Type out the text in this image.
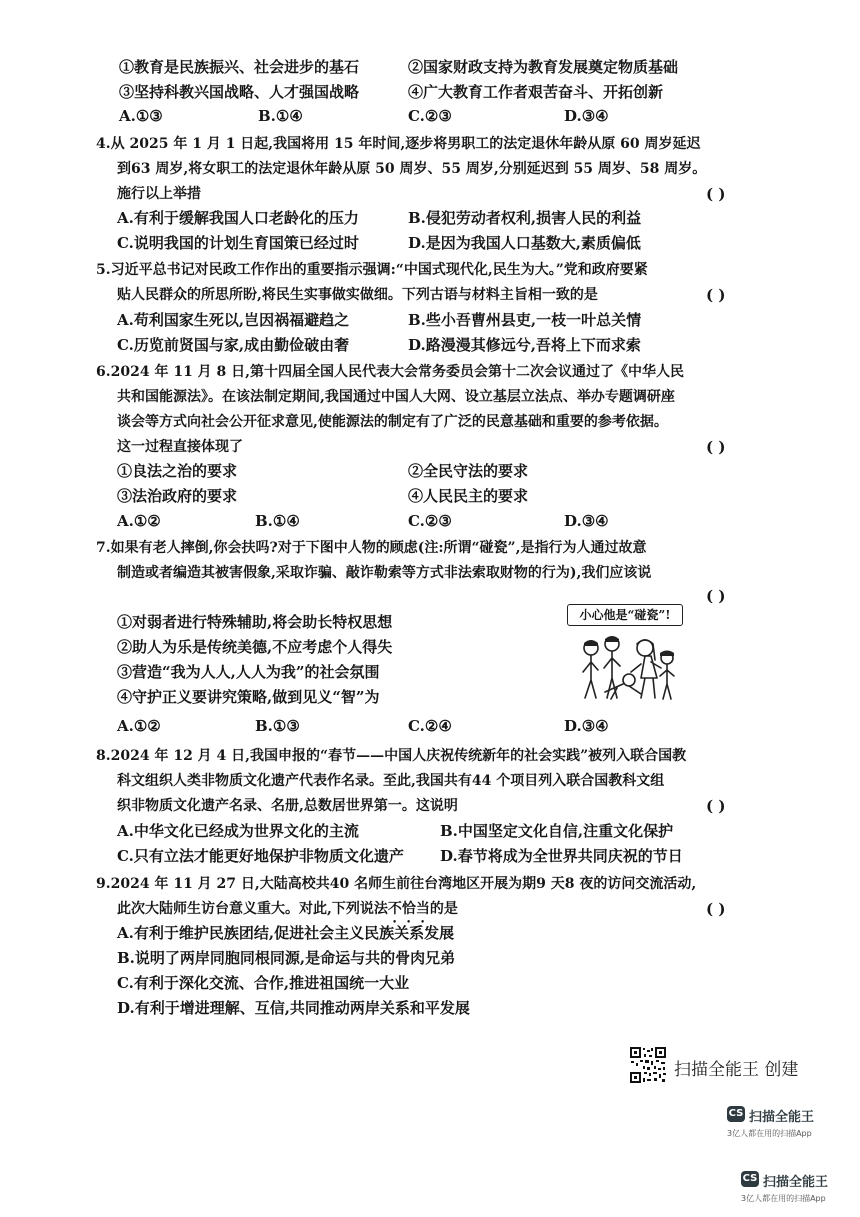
①教育是民族振兴、社会进步的基石	②国家财政支持为教育发展奠定物质基础
③坚持科教兴国战略、人才强国战略	④广大教育工作者艰苦奋斗、开拓创新
A.①③	B.①④	C.②③	D.③④
4.从 2025 年 1 月 1 日起,我国将用 15 年时间,逐步将男职工的法定退休年龄从原 60 周岁延迟
到63 周岁,将女职工的法定退休年龄从原 50 周岁、55 周岁,分别延迟到 55 周岁、58 周岁。
施行以上举措	( )
A.有利于缓解我国人口老龄化的压力	B.侵犯劳动者权利,损害人民的利益
C.说明我国的计划生育国策已经过时	D.是因为我国人口基数大,素质偏低
5.习近平总书记对民政工作作出的重要指示强调:“中国式现代化,民生为大。”党和政府要紧
贴人民群众的所思所盼,将民生实事做实做细。下列古语与材料主旨相一致的是	( )
A.苟利国家生死以,岂因祸福避趋之	B.些小吾曹州县吏,一枝一叶总关情
C.历览前贤国与家,成由勤俭破由奢	D.路漫漫其修远兮,吾将上下而求索
6.2024 年 11 月 8 日,第十四届全国人民代表大会常务委员会第十二次会议通过了《中华人民
共和国能源法》。在该法制定期间,我国通过中国人大网、设立基层立法点、举办专题调研座
谈会等方式向社会公开征求意见,使能源法的制定有了广泛的民意基础和重要的参考依据。
这一过程直接体现了	( )
①良法之治的要求	②全民守法的要求
③法治政府的要求	④人民民主的要求
A.①②	B.①④	C.②③	D.③④
7.如果有老人摔倒,你会扶吗?对于下图中人物的顾虑(注:所谓“碰瓷”,是指行为人通过故意
制造或者编造其被害假象,采取诈骗、敲诈勒索等方式非法索取财物的行为),我们应该说
( )
①对弱者进行特殊辅助,将会助长特权思想
②助人为乐是传统美德,不应考虑个人得失
③营造“我为人人,人人为我”的社会氛围
④守护正义要讲究策略,做到见义“智”为
A.①②	B.①③	C.②④	D.③④
小心他是“碰瓷”!
8.2024 年 12 月 4 日,我国申报的“春节——中国人庆祝传统新年的社会实践”被列入联合国教
科文组织人类非物质文化遗产代表作名录。至此,我国共有44 个项目列入联合国教科文组
织非物质文化遗产名录、名册,总数居世界第一。这说明	( )
A.中华文化已经成为世界文化的主流	B.中国坚定文化自信,注重文化保护
C.只有立法才能更好地保护非物质文化遗产 D.春节将成为全世界共同庆祝的节日
9.2024 年 11 月 27 日,大陆高校共40 名师生前往台湾地区开展为期9 天8 夜的访问交流活动,
此次大陆师生访台意义重大。对此,下列说法不恰当的是	( )
A.有利于维护民族团结,促进社会主义民族关系发展
B.说明了两岸同胞同根同源,是命运与共的骨肉兄弟
C.有利于深化交流、合作,推进祖国统一大业
D.有利于增进理解、互信,共同推动两岸关系和平发展
扫描全能王 创建
CS 扫描全能王
3亿人都在用的扫描App
CS 扫描全能王
3亿人都在用的扫描App
